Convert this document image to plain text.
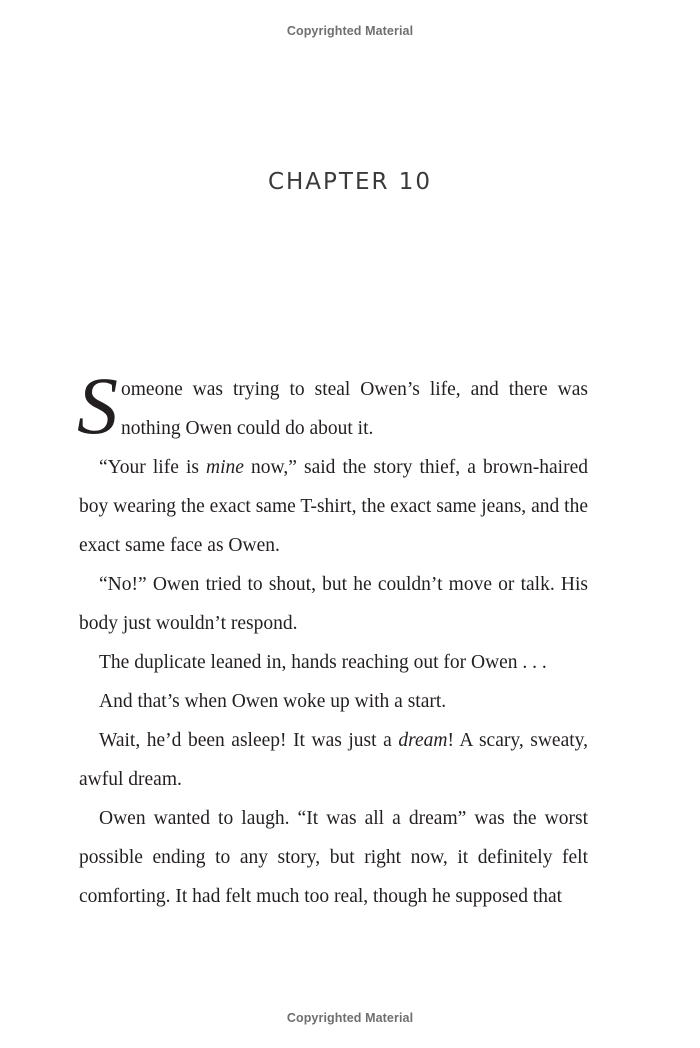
Copyrighted Material
CHAPTER 10

Someone was trying to steal Owen’s life, and there was nothing Owen could do about it.

“Your life is mine now,” said the story thief, a brown-haired boy wearing the exact same T-shirt, the exact same jeans, and the exact same face as Owen.

“No!” Owen tried to shout, but he couldn’t move or talk. His body just wouldn’t respond.

The duplicate leaned in, hands reaching out for Owen . . .

And that’s when Owen woke up with a start.

Wait, he’d been asleep! It was just a dream! A scary, sweaty, awful dream.

Owen wanted to laugh. “It was all a dream” was the worst possible ending to any story, but right now, it definitely felt comforting. It had felt much too real, though he supposed that

Copyrighted Material
